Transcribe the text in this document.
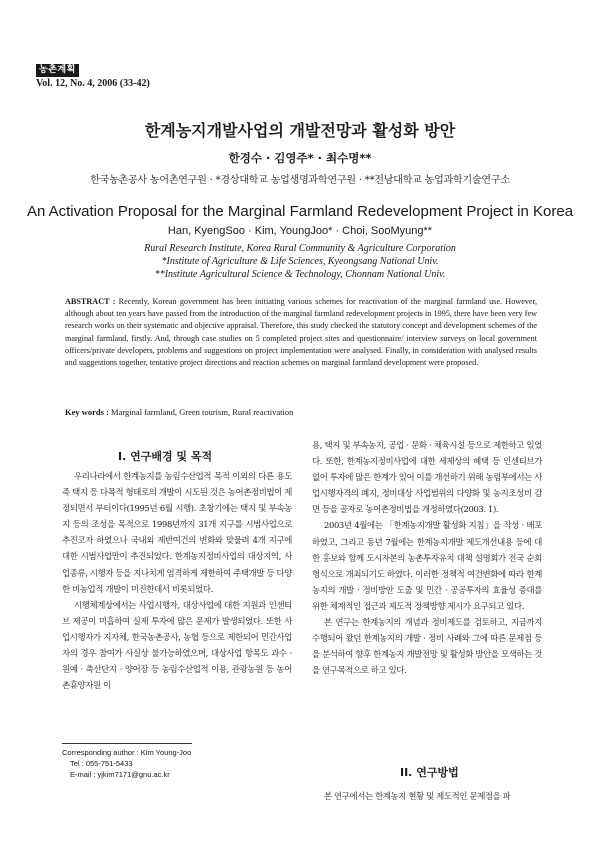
농촌계획
Vol. 12, No. 4, 2006 (33-42)
한계농지개발사업의 개발전망과 활성화 방안
한경수 · 김영주* · 최수명**
한국농촌공사 농어촌연구원 · *경상대학교 농업생명과학연구원 · **전남대학교 농업과학기술연구소
An Activation Proposal for the Marginal Farmland Redevelopment Project in Korea
Han, KyengSoo · Kim, YoungJoo* · Choi, SooMyung**
Rural Research Institute, Korea Rural Community & Agriculture Corporation
*Institute of Agriculture & Life Sciences, Kyeongsang National Univ.
**Institute Agricultural Science & Technology, Chonnam National Univ.
ABSTRACT : Recently, Korean government has been initiating various schemes for reactivation of the marginal farmland use. However, although about ten years have passed from the introduction of the marginal farmland redevelopment projects in 1995, there have been very few research works on their systematic and objective appraisal. Therefore, this study checked the statutory concept and development schemes of the marginal farmland, firstly. And, through case studies on 5 completed project sites and questionnaire/ interview surveys on local government officers/private developers, problems and suggestions on project implementation were analysed. Finally, in consideration with analysed results and suggestions together, tentative project directions and reaction schemes on marginal farmland development were proposed.
Key words : Marginal farmland, Green tourism, Rural reactivation
I. 연구배경 및 목적

우리나라에서 한계농지를 농림수산업적 목적 이외의 다른 용도 즉 택지 등 다목적 형태로의 개발이 시도된 것은 농어촌정비법이 제정되면서 부터이다(1995년 6월 시행). 초창기에는 택지 및 부속농지 등의 조성을 목적으로 1998년까지 31개 지구를 시범사업으로 추진코자 하였으나 국내외 제반여건의 변화와 맞물려 4개 지구에 대한 시범사업만이 추진되었다. 한계농지정비사업의 대상지역, 사업종류, 시행자 등을 지나치게 엄격하게 제한하여 주택개발 등 다양한 비농업적 개발이 미진한데서 비롯되었다.

시행체계상에서는 사업시행자, 대상사업에 대한 지원과 인센티브 제공이 미흡하여 실제 투자에 많은 문제가 발생되었다. 또한 사업시행자가 지자체, 한국농촌공사, 농협 등으로 제한되어 민간사업자의 경우 참여가 사실상 불가능하였으며, 대상사업 항목도 과수 · 원예 · 축산단지 · 양어장 등 농림수산업적 이용, 관광농원 등 농어촌휴양자원 이

용, 택지 및 부속농지, 공업 · 문화 · 체육시설 등으로 제한하고 있었다. 또한, 한계농지정비사업에 대한 세제상의 혜택 등 인센티브가 없어 투자에 많은 한계가 있어 이를 개선하기 위해 농림부에서는 사업시행자격의 폐지, 정비대상 사업범위의 다양화 및 농지조성비 감면 등을 골자로 농어촌정비법을 개정하였다(2003. 1).

2003년 4월에는 「한계농지개발 활성화 지침」을 작성 · 배포하였고, 그리고 동년 7월에는 한계농지개발 제도개선내용 등에 대한 홍보와 함께 도시자본의 농촌투자유치 대책 설명회가 전국 순회형식으로 개최되기도 하였다. 이러한 정책적 여건변화에 따라 한계농지의 개발 · 정비방안 도출 및 민간 · 공공투자의 효율성 증대를 위한 체계적인 접근과 제도적 정책방향 제시가 요구되고 있다.

본 연구는 한계농지의 개념과 정비제도를 검토하고, 지금까지 수행되어 왔던 한계농지의 개발 · 정비 사례와 그에 따른 문제점 등을 분석하여 향후 한계농지 개발전망 및 활성화 방안을 모색하는 것을 연구목적으로 하고 있다.

II. 연구방법

본 연구에서는 한계농지 현황 및 제도적인 문제점을 파

Corresponding author : Kim Young-Joo
Tel : 055-751-5433
E-mail : yjkim7171@gnu.ac.kr
